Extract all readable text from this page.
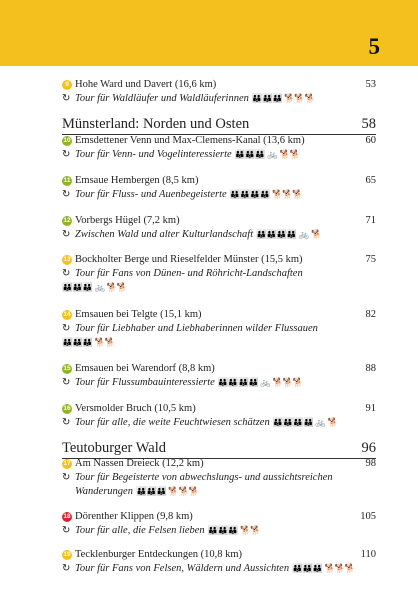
5
9 Hohe Ward und Davert (16,6 km)	53
↻ Tour für Waldläufer und Waldläuferinnen 👪👪👪 🐕🐕🐕
Münsterland: Norden und Osten	58
10 Emsdettener Venn und Max-Clemens-Kanal (13,6 km)	60
↻ Tour für Venn- und Vogelinteressierte 👪👪👪 🚲 🐕🐕
11 Emsaue Hembergen (8,5 km)	65
↻ Tour für Fluss- und Auenbegeisterte 👪👪👪👪 🐕🐕🐕
12 Vorbergs Hügel (7,2 km)	71
↻ Zwischen Wald und alter Kulturlandschaft 👪👪👪👪 🚲 🐕
13 Bockholter Berge und Rieselfelder Münster (15,5 km)	75
↻ Tour für Fans von Dünen- und Röhricht-Landschaften
👪👪👪 🚲 🐕🐕
14 Emsauen bei Telgte (15,1 km)	82
↻ Tour für Liebhaber und Liebhaberinnen wilder Flussauen
👪👪👪 🐕🐕
15 Emsauen bei Warendorf (8,8 km)	88
↻ Tour für Flussumbauinteressierte 👪👪👪👪 🚲 🐕🐕🐕
16 Versmolder Bruch (10,5 km)	91
↻ Tour für alle, die weite Feuchtwiesen schätzen 👪👪👪👪 🚲 🐕
Teutoburger Wald	96
17 Am Nassen Dreieck (12,2 km)	98
↻ Tour für Begeisterte von abwechslungs- und aussichtsreichen Wanderungen 👪👪👪 🐕🐕🐕
18 Dörenther Klippen (9,8 km)	105
↻ Tour für alle, die Felsen lieben 👪👪👪 🐕🐕
19 Tecklenburger Entdeckungen (10,8 km)	110
↻ Tour für Fans von Felsen, Wäldern und Aussichten 👪👪👪 🐕🐕🐕
